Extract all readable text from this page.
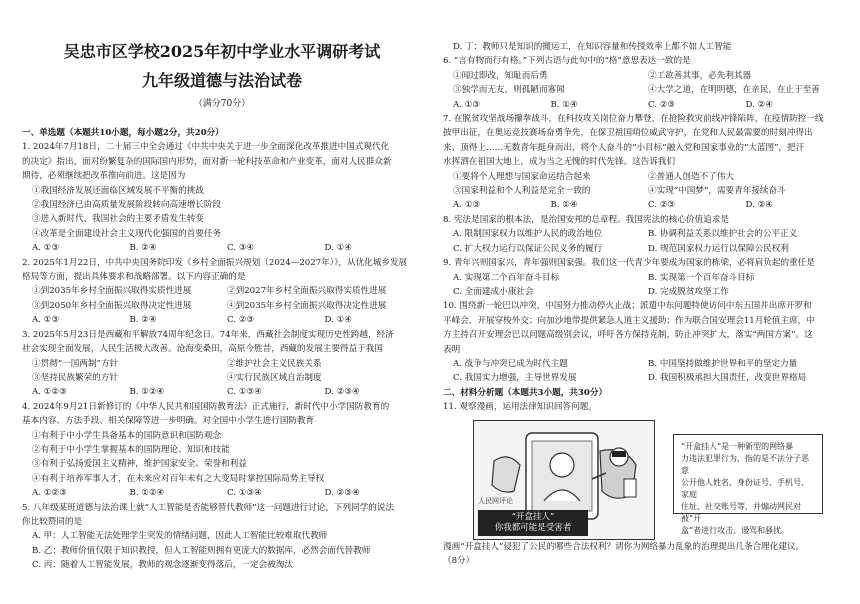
吴忠市区学校2025年初中学业水平调研考试
九年级道德与法治试卷
（满分70分）
一、单选题（本题共10小题，每小题2分，共20分）
1. 2024年7月18日，二十届三中全会通过《中共中央关于进一步全面深化改革推进中国式现代化
的决定》指出，面对纷繁复杂的国际国内形势，面对新一轮科技革命和产业变革，面对人民群众新
期待，必须继续把改革推向前进。这是因为
①我国经济发展还面临区域发展不平衡的挑战
②我国经济已由高质量发展阶段转向高速增长阶段
③进入新时代，我国社会的主要矛盾发生转变
④改革是全面建设社会主义现代化强国的首要任务
A. ①③	B. ②④	C. ③④	D. ①④
2. 2025年1月22日，中共中央国务院印发《乡村全面振兴规划（2024—2027年）》，从优化城乡发展
格局等方面，提出具体要求和战略部署。以下内容正确的是
①到2035年乡村全面振兴取得实质性进展	②到2027年乡村全面振兴取得实质性进展
③到2050年乡村全面振兴取得决定性进展	④到2035年乡村全面振兴取得决定性进展
A. ①③	B. ②④	C. ②③	D. ①④
3. 2025年5月23日是西藏和平解放74周年纪念日。74年来，西藏社会制度实现历史性跨越，经济
社会实现全面发展，人民生活极大改善。沧海变桑田，高原今胜昔，西藏的发展主要得益于我国
①贯彻“一国两制”方针	②维护社会主义民族关系
③坚持民族繁荣的方针	④实行民族区域自治制度
A. ①②③	B. ①②④	C. ①③④	D. ②③④
4. 2024年9月21日新修订的《中华人民共和国国防教育法》正式施行，新时代中小学国防教育的
基本内容、方法手段、相关保障等进一步明确。对全国中小学生进行国防教育
①有利于中小学生具备基本的国防意识和国防观念
②有利于中小学生掌握基本的国防理论、知识和技能
③有利于弘扬爱国主义精神，维护国家安全、荣誉和利益
④有利于培养军事人才，在未来应对百年未有之大变局时掌控国际局势主导权
A. ①②③	B. ①②④	C. ①③④	D. ②③④
5. 八年级某班道德与法治课上就“人工智能是否能够替代教师”这一问题进行讨论，下列同学的说法
你比较赞同的是
A. 甲：人工智能无法处理学生突发的情绪问题，因此人工智能比较难取代教师
B. 乙：教师价值仅限于知识教授，但人工智能则拥有更庞大的数据库，必然会面代替教师
C. 丙：随着人工智能发展，教师的观念逐渐变得落后，一定会被淘汰
D. 丁：教师只是知识的搬运工，在知识容量和传授效率上都不如人工智能
6. “言有物而行有格。”下列古语与此句中的“格”意思表达一致的是
①闻过即改，知耻而后勇	②工欲善其事，必先利其器
③独学而无友，则孤陋而寡闻	④大学之道，在明明德，在亲民，在止于至善
A. ①③	B. ①④	C. ②③	D. ②④
7. 在脱贫攻坚战场攥拳战斗，在科技攻关岗位奋力攀登，在抢险救灾前线冲锋陷阵，在疫情防控一线
披甲出征，在奥运竞技赛场奋勇争先，在保卫祖国哨位威武守护，在党和人民最需要的时刻冲得出
来、顶得上……无数青年挺身而出，将个人奋斗的“小目标”融入党和国家事业的“大蓝图”，把汗
水挥洒在祖国大地上，成为当之无愧的时代先锋。这告诉我们
①要将个人理想与国家命运结合起来	②普通人创造不了伟大
③国家利益和个人利益是完全一致的	④实现“中国梦”，需要青年接续奋斗
A. ①③	B. ①④	C. ②③	D. ②④
8. 宪法是国家的根本法，是治国安邦的总章程。我国宪法的核心价值追求是
A. 限制国家权力以维护人民的政治地位	B. 协调利益关系以维护社会的公平正义
C. 扩大权力运行以保证公民义务的履行	D. 规范国家权力运行以保障公民权利
9. 青年兴则国家兴，青年强则国家强。我们这一代青少年要成为国家的栋梁，必将肩负起的重任是
A. 实现第二个百年奋斗目标	B. 实现第一个百年奋斗目标
C. 全面建成小康社会	D. 完成脱贫攻坚工作
10. 围绕新一轮巴以冲突，中国努力推动停火止战；派遣中东问题特使访问中东五国并出席开罗和
平峰会，开展穿梭外交；向加沙地带提供紧急人道主义援助；作为联合国安理会11月轮值主席，中
方主持召开安理会巴以问题高级别会议，呼吁各方保持克制，防止冲突扩大，落实“两国方案”。这
表明
A. 战争与冲突已成为时代主题	B. 中国坚持做维护世界和平的坚定力量
C. 我国实力增强，主导世界发展	D. 我国积极承担大国责任，改变世界格局
二、材料分析题（本题共3小题，共30分）
11. 观察漫画，运用法律知识回答问题。
人民网评论
“开盒挂人”
你我都可能是受害者
“开盒挂人”是一种新型的网络暴
力违法犯罪行为，指的是不法分子恶意
公开他人姓名、身份证号、手机号、家庭
住址、社交账号等，并煽动网民对被“开
盒”者进行攻击、谩骂和骚扰。
漫画“开盒挂人”侵犯了公民的哪些合法权利？请你为网络暴力乱象的治理提出几条合理化建议。
（8分）
